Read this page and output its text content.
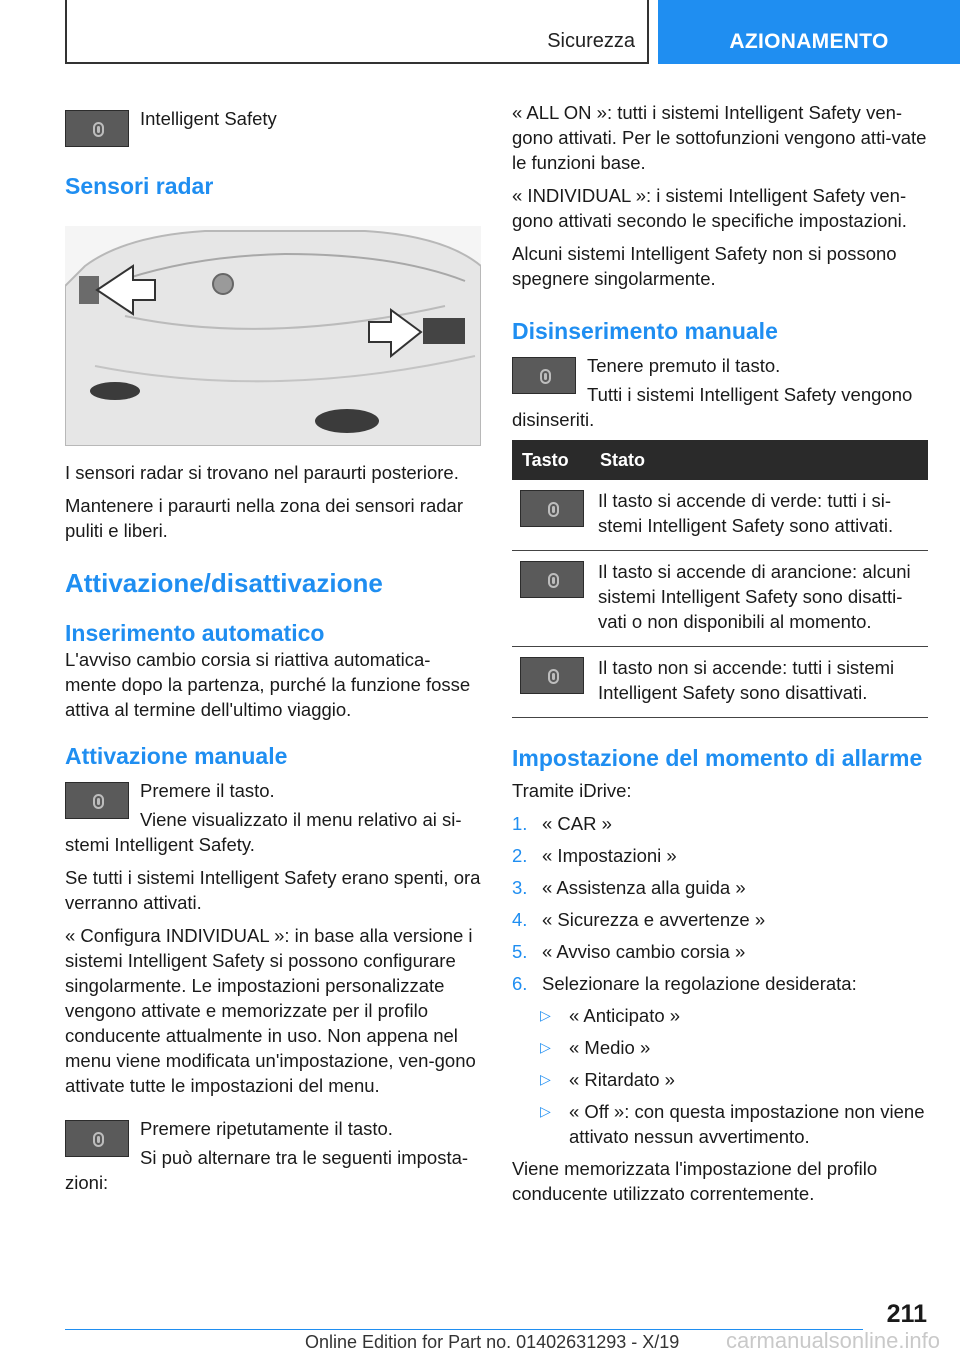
Sicurezza	AZIONAMENTO

Intelligent Safety

Sensori radar

I sensori radar si trovano nel paraurti posteriore.

Mantenere i paraurti nella zona dei sensori radar puliti e liberi.

Attivazione/disattivazione
Inserimento automatico

L'avviso cambio corsia si riattiva automatica-mente dopo la partenza, purché la funzione fosse attiva al termine dell'ultimo viaggio.

Attivazione manuale

Premere il tasto.

Viene visualizzato il menu relativo ai si-stemi Intelligent Safety.

Se tutti i sistemi Intelligent Safety erano spenti, ora verranno attivati.

« Configura INDIVIDUAL »: in base alla versione i sistemi Intelligent Safety si possono configurare singolarmente. Le impostazioni personalizzate vengono attivate e memorizzate per il profilo conducente attualmente in uso. Non appena nel menu viene modificata un'impostazione, ven-gono attivate tutte le impostazioni del menu.

Premere ripetutamente il tasto.

Si può alternare tra le seguenti imposta-zioni:

« ALL ON »: tutti i sistemi Intelligent Safety ven-gono attivati. Per le sottofunzioni vengono atti-vate le funzioni base.

« INDIVIDUAL »: i sistemi Intelligent Safety ven-gono attivati secondo le specifiche impostazioni.

Alcuni sistemi Intelligent Safety non si possono spegnere singolarmente.

Disinserimento manuale

Tenere premuto il tasto.

Tutti i sistemi Intelligent Safety vengono disinseriti.

Tasto	Stato

	Il tasto si accende di verde: tutti i si-stemi Intelligent Safety sono attivati.

	Il tasto si accende di arancione: alcuni sistemi Intelligent Safety sono disatti-vati o non disponibili al momento.

	Il tasto non si accende: tutti i sistemi Intelligent Safety sono disattivati.
Impostazione del momento di allarme

Tramite iDrive:

1. « CAR »
2. « Impostazioni »
3. « Assistenza alla guida »
4. « Sicurezza e avvertenze »
5. « Avviso cambio corsia »
6. Selezionare la regolazione desiderata:
▷ « Anticipato »
▷ « Medio »
▷ « Ritardato »
▷ « Off »: con questa impostazione non viene attivato nessun avvertimento.

Viene memorizzata l'impostazione del profilo conducente utilizzato correntemente.

211
Online Edition for Part no. 01402631293 - X/19 carmanualsonline.info
